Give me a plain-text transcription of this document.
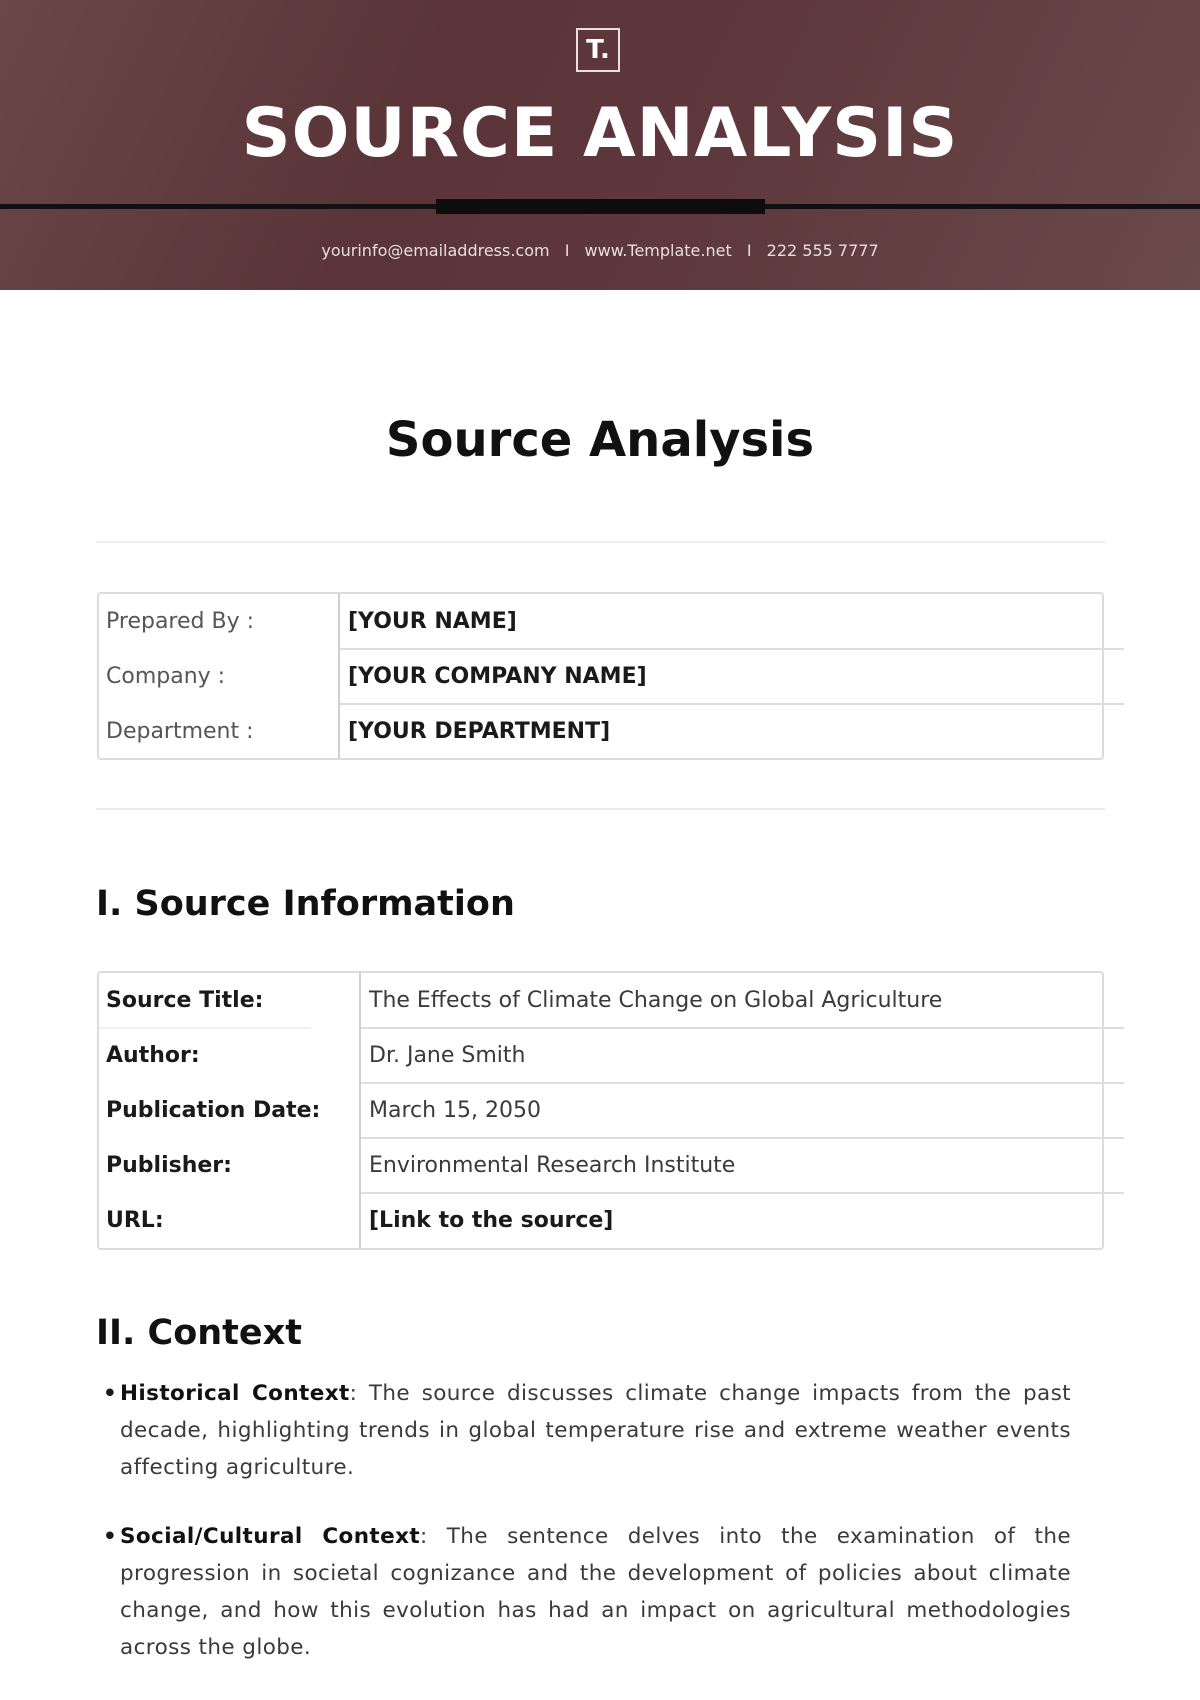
T.
SOURCE ANALYSIS
yourinfo@emailaddress.com I www.Template.net I 222 555 7777
Source Analysis
Prepared By :	[YOUR NAME]
Company :	[YOUR COMPANY NAME]
Department :	[YOUR DEPARTMENT]
I. Source Information
Source Title:	The Effects of Climate Change on Global Agriculture
Author:	Dr. Jane Smith
Publication Date: March 15, 2050
Publisher:	Environmental Research Institute
URL:	[Link to the source]
II. Context
• Historical Context: The source discusses climate change impacts from the past decade, highlighting trends in global temperature rise and extreme weather events affecting agriculture.
• Social/Cultural Context: The sentence delves into the examination of the progression in societal cognizance and the development of policies about climate change, and how this evolution has had an impact on agricultural methodologies across the globe.
